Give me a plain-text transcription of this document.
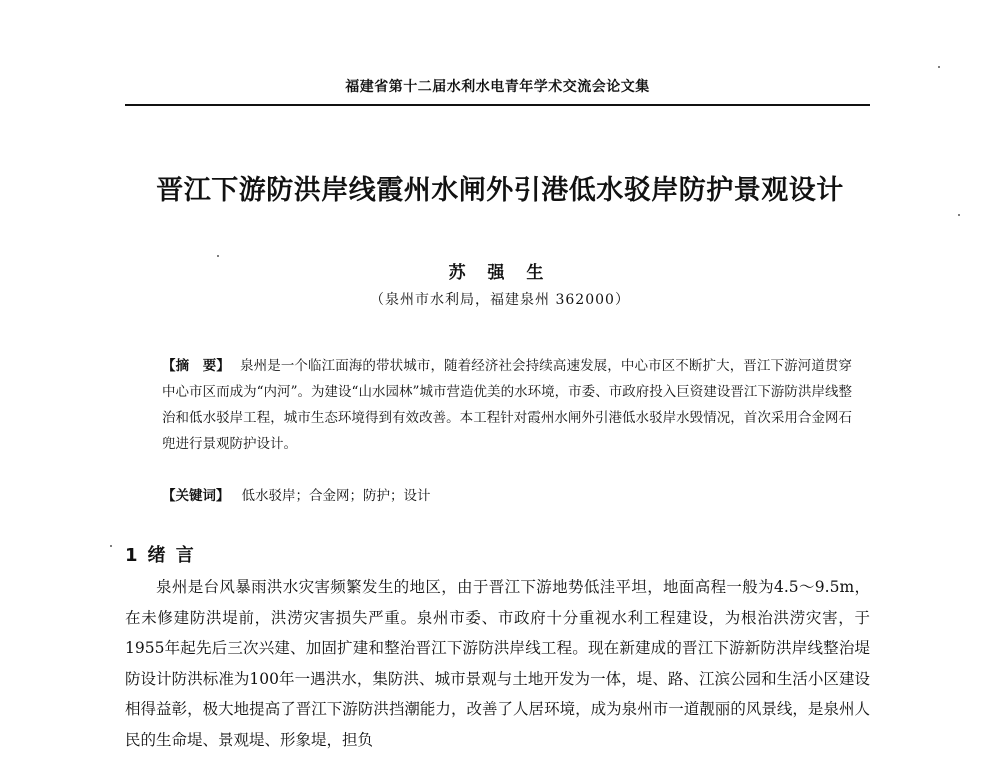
福建省第十二届水利水电青年学术交流会论文集
晋江下游防洪岸线霞州水闸外引港低水驳岸防护景观设计
苏 强 生
（泉州市水利局，福建泉州 362000）
【摘　要】 泉州是一个临江面海的带状城市，随着经济社会持续高速发展，中心市区不断扩大，晋江下游河道贯穿中心市区而成为“内河”。为建设“山水园林”城市营造优美的水环境，市委、市政府投入巨资建设晋江下游防洪岸线整治和低水驳岸工程，城市生态环境得到有效改善。本工程针对霞州水闸外引港低水驳岸水毁情况，首次采用合金网石兜进行景观防护设计。
【关键词】 低水驳岸；合金网；防护；设计
1 绪 言
泉州是台风暴雨洪水灾害频繁发生的地区，由于晋江下游地势低洼平坦，地面高程一般为4.5～9.5m，在未修建防洪堤前，洪涝灾害损失严重。泉州市委、市政府十分重视水利工程建设，为根治洪涝灾害，于1955年起先后三次兴建、加固扩建和整治晋江下游防洪岸线工程。现在新建成的晋江下游新防洪岸线整治堤防设计防洪标准为100年一遇洪水，集防洪、城市景观与土地开发为一体，堤、路、江滨公园和生活小区建设相得益彰，极大地提高了晋江下游防洪挡潮能力，改善了人居环境，成为泉州市一道靓丽的风景线，是泉州人民的生命堤、景观堤、形象堤，担负
